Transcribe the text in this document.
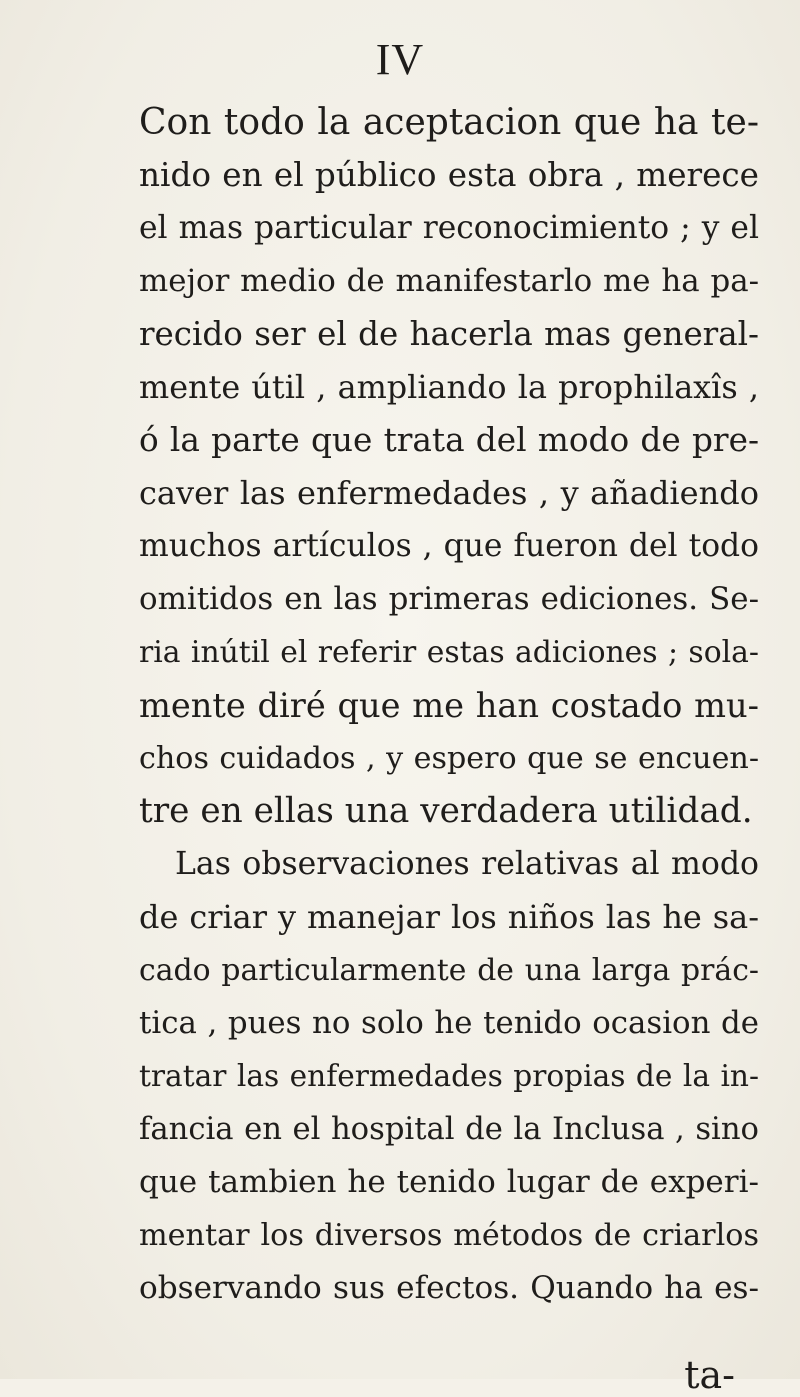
IV
Con todo la aceptacion que ha te-
nido en el público esta obra , merece
el mas particular reconocimiento ; y el
mejor medio de manifestarlo me ha pa-
recido ser el de hacerla mas general-
mente útil , ampliando la prophilaxîs ,
ó la parte que trata del modo de pre-
caver las enfermedades , y añadiendo
muchos artículos , que fueron del todo
omitidos en las primeras ediciones. Se-
ria inútil el referir estas adiciones ; sola-
mente diré que me han costado mu-
chos cuidados , y espero que se encuen-
tre en ellas una verdadera utilidad.
Las observaciones relativas al modo
de criar y manejar los niños las he sa-
cado particularmente de una larga prác-
tica , pues no solo he tenido ocasion de
tratar las enfermedades propias de la in-
fancia en el hospital de la Inclusa , sino
que tambien he tenido lugar de experi-
mentar los diversos métodos de criarlos
observando sus efectos. Quando ha es-
ta-
